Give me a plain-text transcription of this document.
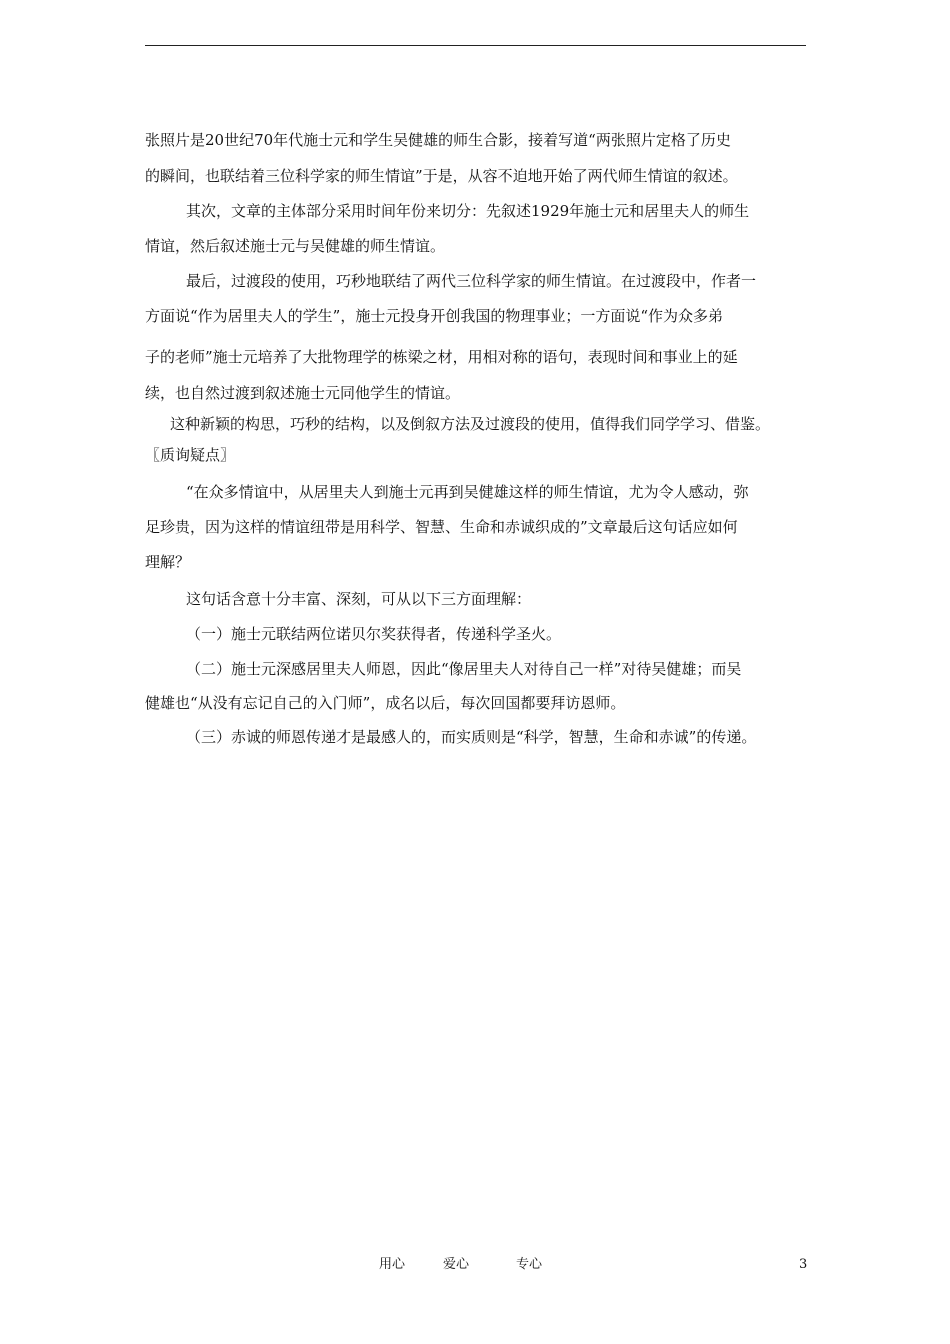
张照片是20世纪70年代施士元和学生吴健雄的师生合影，接着写道“两张照片定格了历史
的瞬间，也联结着三位科学家的师生情谊”于是，从容不迫地开始了两代师生情谊的叙述。
其次，文章的主体部分采用时间年份来切分：先叙述1929年施士元和居里夫人的师生
情谊，然后叙述施士元与吴健雄的师生情谊。
最后，过渡段的使用，巧秒地联结了两代三位科学家的师生情谊。在过渡段中，作者一
方面说“作为居里夫人的学生”，施士元投身开创我国的物理事业；一方面说“作为众多弟
子的老师”施士元培养了大批物理学的栋梁之材，用相对称的语句，表现时间和事业上的延
续，也自然过渡到叙述施士元同他学生的情谊。
这种新颖的构思，巧秒的结构，以及倒叙方法及过渡段的使用，值得我们同学学习、借鉴。
〖质询疑点〗
“在众多情谊中，从居里夫人到施士元再到吴健雄这样的师生情谊，尤为令人感动，弥
足珍贵，因为这样的情谊纽带是用科学、智慧、生命和赤诚织成的”文章最后这句话应如何
理解？
这句话含意十分丰富、深刻，可从以下三方面理解：
（一）施士元联结两位诺贝尔奖获得者，传递科学圣火。
（二）施士元深感居里夫人师恩，因此“像居里夫人对待自己一样”对待吴健雄；而吴
健雄也“从没有忘记自己的入门师”，成名以后，每次回国都要拜访恩师。
（三）赤诚的师恩传递才是最感人的，而实质则是“科学，智慧，生命和赤诚”的传递。
用心	爱心	专心	3
